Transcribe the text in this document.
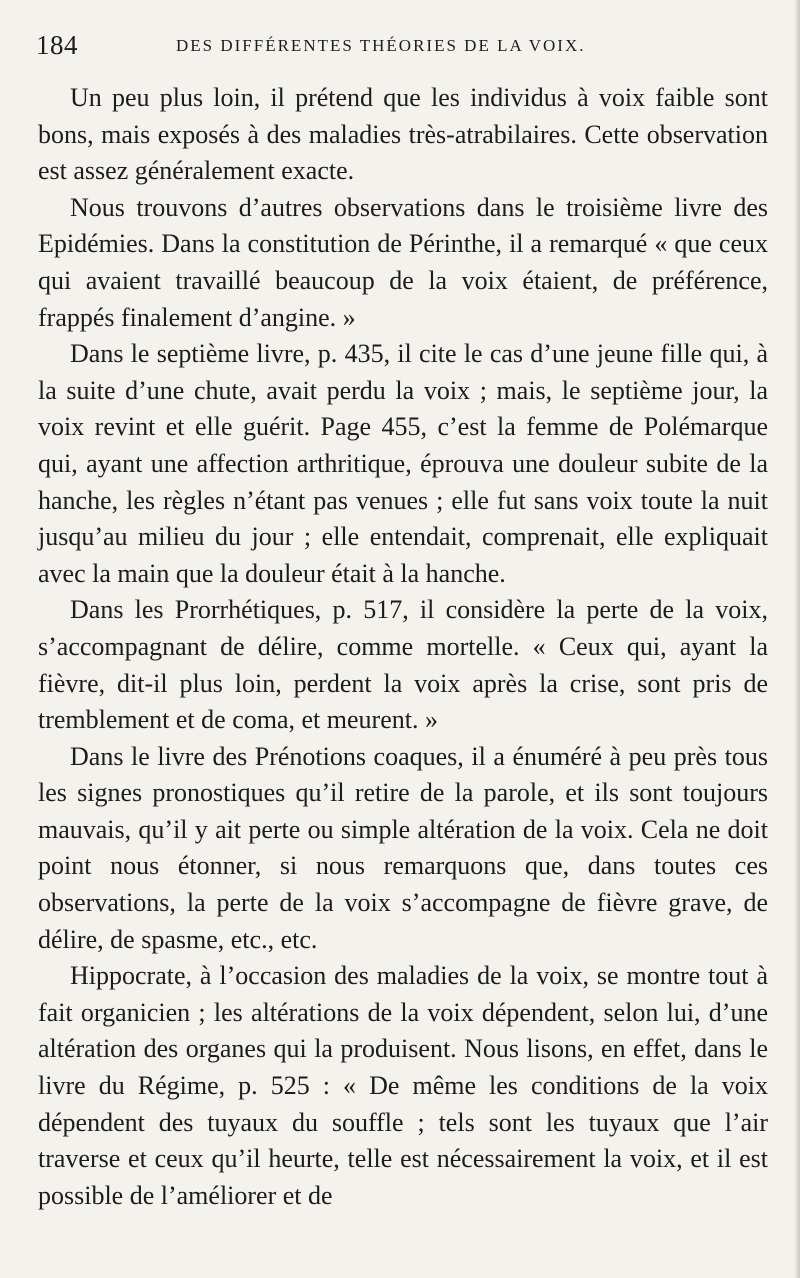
184	DES DIFFÉRENTES THÉORIES DE LA VOIX.

Un peu plus loin, il prétend que les individus à voix faible sont bons, mais exposés à des maladies très-atrabilaires. Cette observation est assez généralement exacte.

Nous trouvons d’autres observations dans le troisième livre des Epidémies. Dans la constitution de Périnthe, il a remarqué « que ceux qui avaient travaillé beaucoup de la voix étaient, de préférence, frappés finalement d’angine. »

Dans le septième livre, p. 435, il cite le cas d’une jeune fille qui, à la suite d’une chute, avait perdu la voix ; mais, le septième jour, la voix revint et elle guérit. Page 455, c’est la femme de Polémarque qui, ayant une affection arthritique, éprouva une douleur subite de la hanche, les règles n’étant pas venues ; elle fut sans voix toute la nuit jusqu’au milieu du jour ; elle entendait, comprenait, elle expliquait avec la main que la douleur était à la hanche.

Dans les Prorrhétiques, p. 517, il considère la perte de la voix, s’accompagnant de délire, comme mortelle. « Ceux qui, ayant la fièvre, dit-il plus loin, perdent la voix après la crise, sont pris de tremblement et de coma, et meurent. »

Dans le livre des Prénotions coaques, il a énuméré à peu près tous les signes pronostiques qu’il retire de la parole, et ils sont toujours mauvais, qu’il y ait perte ou simple altération de la voix. Cela ne doit point nous étonner, si nous remarquons que, dans toutes ces observations, la perte de la voix s’accompagne de fièvre grave, de délire, de spasme, etc., etc.

Hippocrate, à l’occasion des maladies de la voix, se montre tout à fait organicien ; les altérations de la voix dépendent, selon lui, d’une altération des organes qui la produisent. Nous lisons, en effet, dans le livre du Régime, p. 525 : « De même les conditions de la voix dépendent des tuyaux du souffle ; tels sont les tuyaux que l’air traverse et ceux qu’il heurte, telle est nécessairement la voix, et il est possible de l’améliorer et de
